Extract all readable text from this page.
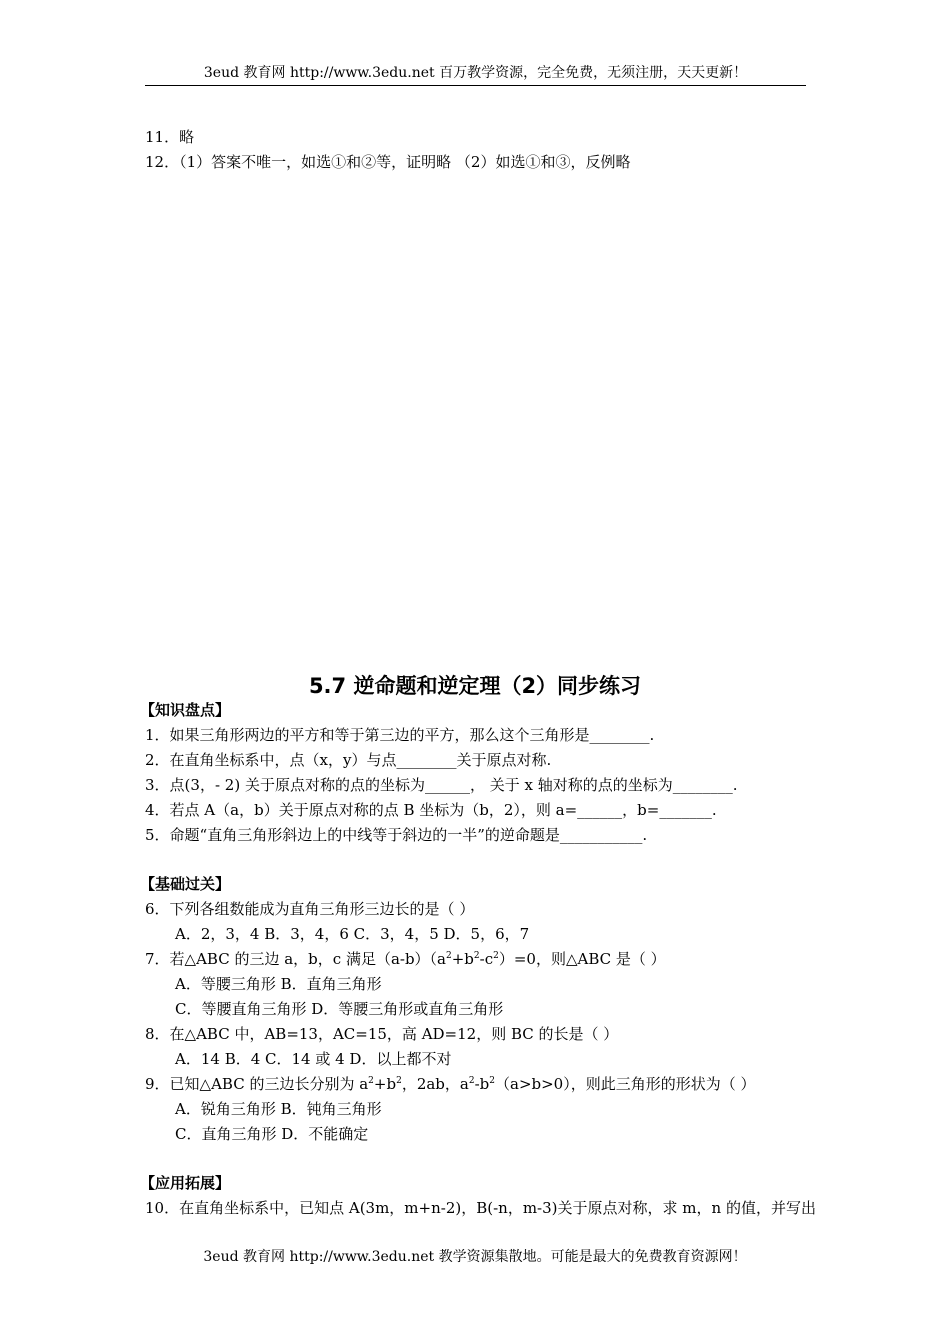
3eud 教育网 http://www.3edu.net 百万教学资源，完全免费，无须注册，天天更新！
11．略
12．（1）答案不唯一，如选①和②等，证明略 （2）如选①和③，反例略
5.7 逆命题和逆定理（2）同步练习
【知识盘点】
1．如果三角形两边的平方和等于第三边的平方，那么这个三角形是________.
2．在直角坐标系中，点（x，y）与点________关于原点对称.
3．点(3，- 2) 关于原点对称的点的坐标为______， 关于 x 轴对称的点的坐标为________.
4．若点 A（a，b）关于原点对称的点 B 坐标为（b，2），则 a=______，b=_______.
5．命题“直角三角形斜边上的中线等于斜边的一半”的逆命题是___________.
【基础过关】
6．下列各组数能成为直角三角形三边长的是（ ）
A．2，3，4 B．3，4，6 C．3，4，5 D．5，6，7
7．若△ABC 的三边 a，b，c 满足$(a-b)(a^2+b^2-c^2)=0$，则△ABC 是（ ）
A．等腰三角形 B．直角三角形
C．等腰直角三角形 D．等腰三角形或直角三角形
8．在△ABC 中，AB=13，AC=15，高 AD=12，则 BC 的长是（ ）
A．14 B．4 C．14 或 4 D．以上都不对
9．已知△ABC 的三边长分别为 $a^2+b^2$，2ab，$a^2-b^2(a>b>0)$，则此三角形的形状为（ ）
A．锐角三角形 B．钝角三角形
C．直角三角形 D．不能确定
【应用拓展】
10．在直角坐标系中，已知点 A(3m，m+n-2)，B(-n，m-3)关于原点对称，求 m，n 的值，并写出
3eud 教育网 http://www.3edu.net 教学资源集散地。可能是最大的免费教育资源网！
